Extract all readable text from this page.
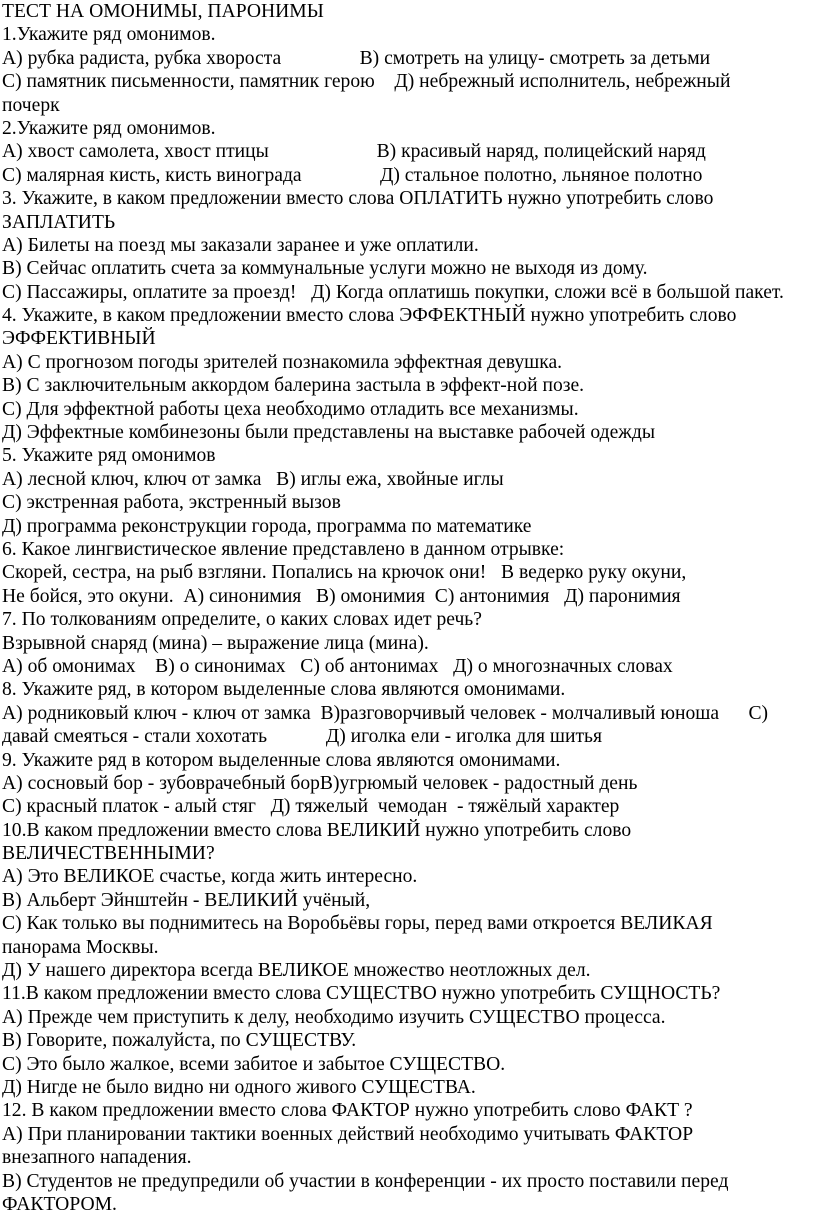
ТЕСТ НА ОМОНИМЫ, ПАРОНИМЫ
1.Укажите ряд омонимов.
А) рубка радиста, рубка хвороста                В) смотреть на улицу- смотреть за детьми
С) памятник письменности, памятник герою    Д) небрежный исполнитель, небрежный
почерк
2.Укажите ряд омонимов.
А) хвост самолета, хвост птицы                      В) красивый наряд, полицейский наряд
С) малярная кисть, кисть винограда                Д) стальное полотно, льняное полотно
3. Укажите, в каком предложении вместо слова ОПЛАТИТЬ нужно употребить слово
ЗАПЛАТИТЬ
А) Билеты на поезд мы заказали заранее и уже оплатили.
В) Сейчас оплатить счета за коммунальные услуги можно не выходя из дому.
С) Пассажиры, оплатите за проезд!   Д) Когда оплатишь покупки, сложи всё в большой пакет.
4. Укажите, в каком предложении вместо слова ЭФФЕКТНЫЙ нужно употребить слово
ЭФФЕКТИВНЫЙ
А) С прогнозом погоды зрителей познакомила эффектная девушка.
В) С заключительным аккордом балерина застыла в эффект-ной позе.
С) Для эффектной работы цеха необходимо отладить все механизмы.
Д) Эффектные комбинезоны были представлены на выставке рабочей одежды
5. Укажите ряд омонимов
А) лесной ключ, ключ от замка   В) иглы ежа, хвойные иглы
С) экстренная работа, экстренный вызов
Д) программа реконструкции города, программа по математике
6. Какое лингвистическое явление представлено в данном отрывке:
Скорей, сестра, на рыб взгляни. Попались на крючок они!   В ведерко руку окуни,
Не бойся, это окуни.  А) синонимия   В) омонимия  С) антонимия   Д) паронимия
7. По толкованиям определите, о каких словах идет речь?
Взрывной снаряд (мина) – выражение лица (мина).
А) об омонимах    В) о синонимах   С) об антонимах   Д) о многозначных словах
8. Укажите ряд, в котором выделенные слова являются омонимами.
А) родниковый ключ - ключ от замка  В)разговорчивый человек - молчаливый юноша      С)
давай смеяться - стали хохотать            Д) иголка ели - иголка для шитья
9. Укажите ряд в котором выделенные слова являются омонимами.
А) сосновый бор - зубоврачебный борВ)угрюмый человек - радостный день
С) красный платок - алый стяг   Д) тяжелый  чемодан  - тяжёлый характер
10.В каком предложении вместо слова ВЕЛИКИЙ нужно употребить слово
ВЕЛИЧЕСТВЕННЫМИ?
А) Это ВЕЛИКОЕ счастье, когда жить интересно.
В) Альберт Эйнштейн - ВЕЛИКИЙ учёный,
С) Как только вы поднимитесь на Воробьёвы горы, перед вами откроется ВЕЛИКАЯ
панорама Москвы.
Д) У нашего директора всегда ВЕЛИКОЕ множество неотложных дел.
11.В каком предложении вместо слова СУЩЕСТВО нужно употребить СУЩНОСТЬ?
А) Прежде чем приступить к делу, необходимо изучить СУЩЕСТВО процесса.
В) Говорите, пожалуйста, по СУЩЕСТВУ.
С) Это было жалкое, всеми забитое и забытое СУЩЕСТВО.
Д) Нигде не было видно ни одного живого СУЩЕСТВА.
12. В каком предложении вместо слова ФАКТОР нужно употребить слово ФАКТ ?
А) При планировании тактики военных действий необходимо учитывать ФАКТОР
внезапного нападения.
В) Студентов не предупредили об участии в конференции - их просто поставили перед
ФАКТОРОМ.
